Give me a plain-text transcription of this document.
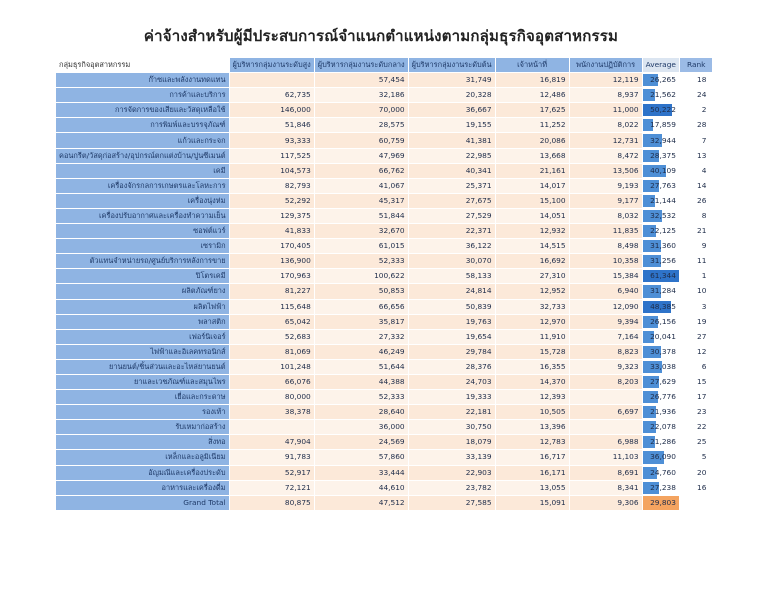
ค่าจ้างสำหรับผู้มีประสบการณ์จำแนกตำแหน่งตามกลุ่มธุรกิจอุตสาหกรรม
กลุ่มธุรกิจอุตสาหกรรม	ผู้บริหารกลุ่มงานระดับสูง	ผู้บริหารกลุ่มงานระดับกลาง	ผู้บริหารกลุ่มงานระดับต้น	เจ้าหน้าที่	พนักงานปฏิบัติการ	Average	Rank
ก๊าซและพลังงานทดแทน		57,454	31,749	16,819	12,119	26,265	18
การค้าและบริการ	62,735	32,186	20,328	12,486	8,937	21,562	24
การจัดการของเสียและวัสดุเหลือใช้	146,000	70,000	36,667	17,625	11,000	50,222	2
การพิมพ์และบรรจุภัณฑ์	51,846	28,575	19,155	11,252	8,022	17,859	28
แก้วและกระจก	93,333	60,759	41,381	20,086	12,731	32,944	7
คอนกรีต/วัสดุก่อสร้าง/อุปกรณ์ตกแต่งบ้าน/ปูนซีเมนต์	117,525	47,969	22,985	13,668	8,472	28,375	13
เคมี	104,573	66,762	40,341	21,161	13,506	40,109	4
เครื่องจักรกลการเกษตรและโลหะการ	82,793	41,067	25,371	14,017	9,193	27,763	14
เครื่องนุ่งห่ม	52,292	45,317	27,675	15,100	9,177	21,144	26
เครื่องปรับอากาศและเครื่องทำความเย็น	129,375	51,844	27,529	14,051	8,032	32,532	8
ซอฟต์แวร์	41,833	32,670	22,371	12,932	11,835	22,125	21
เซรามิก	170,405	61,015	36,122	14,515	8,498	31,360	9
ตัวแทนจำหน่ายรถ/ศูนย์บริการหลังการขาย	136,900	52,333	30,070	16,692	10,358	31,256	11
ปิโตรเคมี	170,963	100,622	58,133	27,310	15,384	61,344	1
ผลิตภัณฑ์ยาง	81,227	50,853	24,814	12,952	6,940	31,284	10
ผลิตไฟฟ้า	115,648	66,656	50,839	32,733	12,090	48,385	3
พลาสติก	65,042	35,817	19,763	12,970	9,394	26,156	19
เฟอร์นิเจอร์	52,683	27,332	19,654	11,910	7,164	20,041	27
ไฟฟ้าและอิเลคทรอนิกส์	81,069	46,249	29,784	15,728	8,823	30,378	12
ยานยนต์/ชิ้นส่วนและอะไหล่ยานยนต์	101,248	51,644	28,376	16,355	9,323	33,038	6
ยาและเวชภัณฑ์และสมุนไพร	66,076	44,388	24,703	14,370	8,203	27,629	15
เยื่อและกระดาษ	80,000	52,333	19,333	12,393		26,776	17
รองเท้า	38,378	28,640	22,181	10,505	6,697	21,936	23
รับเหมาก่อสร้าง		36,000	30,750	13,396		22,078	22
สิ่งทอ	47,904	24,569	18,079	12,783	6,988	21,286	25
เหล็กและอลูมิเนียม	91,783	57,860	33,139	16,717	11,103	36,090	5
อัญมณีและเครื่องประดับ	52,917	33,444	22,903	16,171	8,691	24,760	20
อาหารและเครื่องดื่ม	72,121	44,610	23,782	13,055	8,341	27,238	16
Grand Total	80,875	47,512	27,585	15,091	9,306	29,803	
